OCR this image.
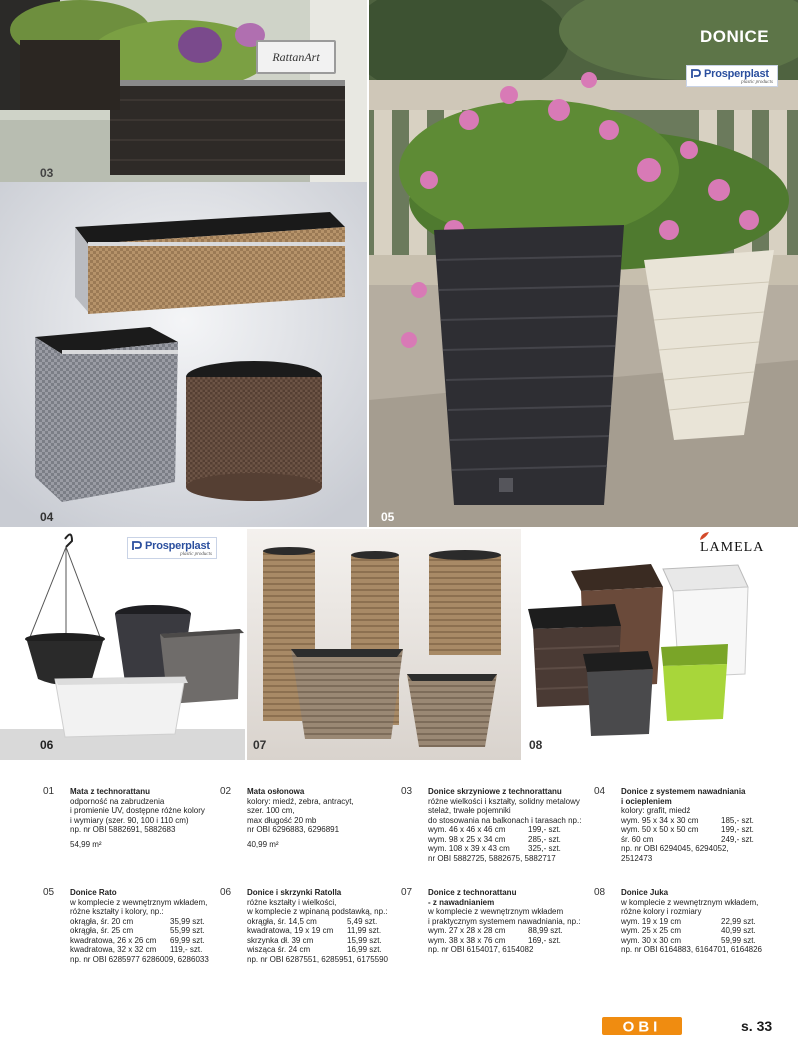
RattanArt
03
04
DONICE
Prosperplast
plastic products
05
Prosperplast
plastic products
06	07
LAMELA
08
01 Mata z technorattanu
odporność na zabrudzenia
i promienie UV, dostępne różne kolory
i wymiary (szer. 90, 100 i 110 cm)
np. nr OBI 5882691, 5882683
54,99 m²
02 Mata osłonowa
kolory: miedź, zebra, antracyt,
szer. 100 cm,
max długość 20 mb
nr OBI 6296883, 6296891
40,99 m²
03 Donice skrzyniowe z technorattanu
różne wielkości i kształty, solidny metalowy
stelaż, trwałe pojemniki
do stosowania na balkonach i tarasach np.:
wym. 46 x 46 x 46 cm	199,- szt.
wym. 98 x 25 x 34 cm	285,- szt.
wym. 108 x 39 x 43 cm	325,- szt.
nr OBI 5882725, 5882675, 5882717
04 Donice z systemem nawadniania
i ociepleniem
kolory: grafit, miedź
wym. 95 x 34 x 30 cm	185,- szt.
wym. 50 x 50 x 50 cm	199,- szt.
śr. 60 cm	249,- szt.
np. nr OBI 6294045, 6294052,
2512473
05 Donice Rato
w komplecie z wewnętrznym wkładem,
różne kształty i kolory, np.:
okrągła, śr. 20 cm	35,99 szt.
okrągła, śr. 25 cm	55,99 szt.
kwadratowa, 26 x 26 cm	69,99 szt.
kwadratowa, 32 x 32 cm	119,- szt.
np. nr OBI 6285977 6286009, 6286033
06 Donice i skrzynki Ratolla
różne kształty i wielkości,
w komplecie z wpinaną podstawką, np.:
okrągła, śr. 14,5 cm	5,49 szt.
kwadratowa, 19 x 19 cm	11,99 szt.
skrzynka dł. 39 cm	15,99 szt.
wisząca śr. 24 cm	16,99 szt.
np. nr OBI 6287551, 6285951, 6175590
07 Donice z technorattanu
- z nawadnianiem
w komplecie z wewnętrznym wkładem
i praktycznym systemem nawadniania, np.:
wym. 27 x 28 x 28 cm	88,99 szt.
wym. 38 x 38 x 76 cm	169,- szt.
np. nr OBI 6154017, 6154082
08 Donice Juka
w komplecie z wewnętrznym wkładem,
różne kolory i rozmiary
wym. 19 x 19 cm	22,99 szt.
wym. 25 x 25 cm	40,99 szt.
wym. 30 x 30 cm	59,99 szt.
np. nr OBI 6164883, 6164701, 6164826
OBI	s. 33
